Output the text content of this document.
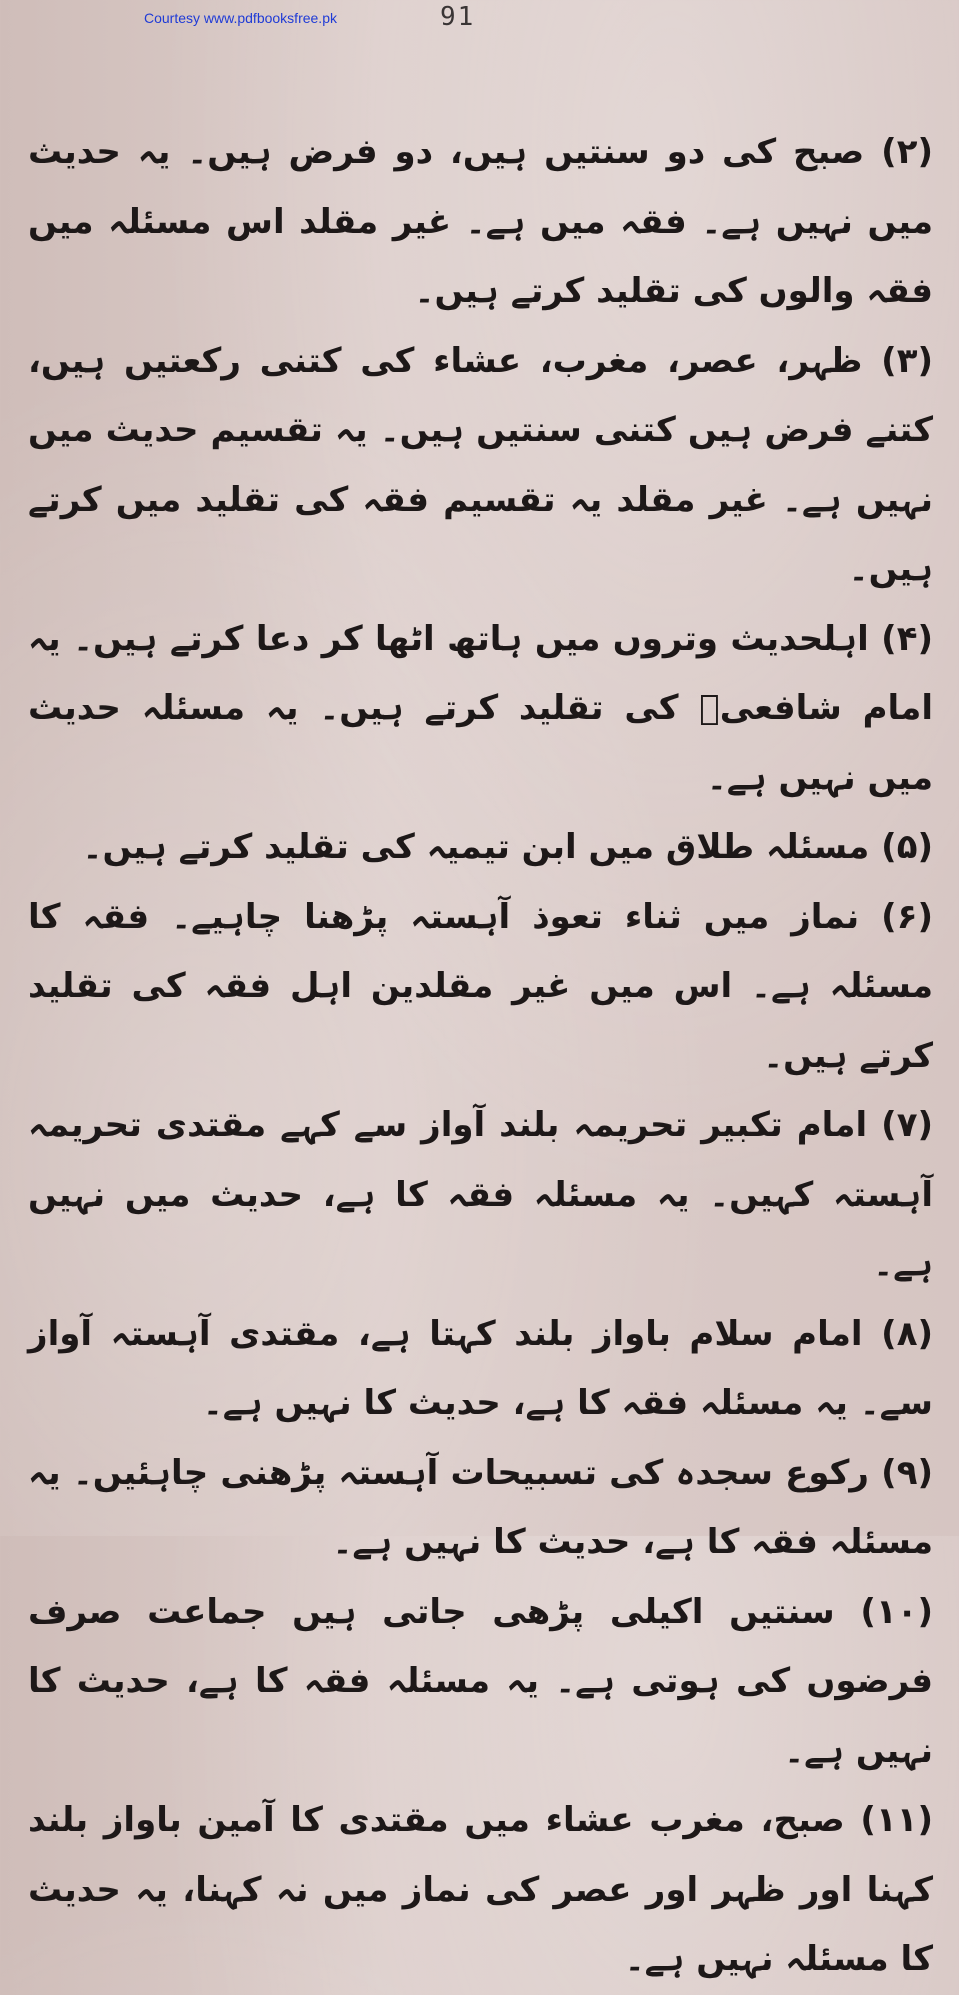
Courtesy www.pdfbooksfree.pk	91

(۲) صبح کی دو سنتیں ہیں، دو فرض ہیں۔ یہ حدیث میں نہیں ہے۔ فقہ میں ہے۔ غیر مقلد اس مسئلہ میں فقہ والوں کی تقلید کرتے ہیں۔

(۳) ظہر، عصر، مغرب، عشاء کی کتنی رکعتیں ہیں، کتنے فرض ہیں کتنی سنتیں ہیں۔ یہ تقسیم حدیث میں نہیں ہے۔ غیر مقلد یہ تقسیم فقہ کی تقلید میں کرتے ہیں۔

(۴) اہلحدیث وتروں میں ہاتھ اٹھا کر دعا کرتے ہیں۔ یہ امام شافعیؒ کی تقلید کرتے ہیں۔ یہ مسئلہ حدیث میں نہیں ہے۔

(۵) مسئلہ طلاق میں ابن تیمیہ کی تقلید کرتے ہیں۔

(۶) نماز میں ثناء تعوذ آہستہ پڑھنا چاہیے۔ فقہ کا مسئلہ ہے۔ اس میں غیر مقلدین اہل فقہ کی تقلید کرتے ہیں۔

(۷) امام تکبیر تحریمہ بلند آواز سے کہے مقتدی تحریمہ آہستہ کہیں۔ یہ مسئلہ فقہ کا ہے، حدیث میں نہیں ہے۔

(۸) امام سلام باواز بلند کہتا ہے، مقتدی آہستہ آواز سے۔ یہ مسئلہ فقہ کا ہے، حدیث کا نہیں ہے۔

(۹) رکوع سجدہ کی تسبیحات آہستہ پڑھنی چاہئیں۔ یہ مسئلہ فقہ کا ہے، حدیث کا نہیں ہے۔

(۱۰) سنتیں اکیلی پڑھی جاتی ہیں جماعت صرف فرضوں کی ہوتی ہے۔ یہ مسئلہ فقہ کا ہے، حدیث کا نہیں ہے۔

(۱۱) صبح، مغرب عشاء میں مقتدی کا آمین باواز بلند کہنا اور ظہر اور عصر کی نماز میں نہ کہنا، یہ حدیث کا مسئلہ نہیں ہے۔
